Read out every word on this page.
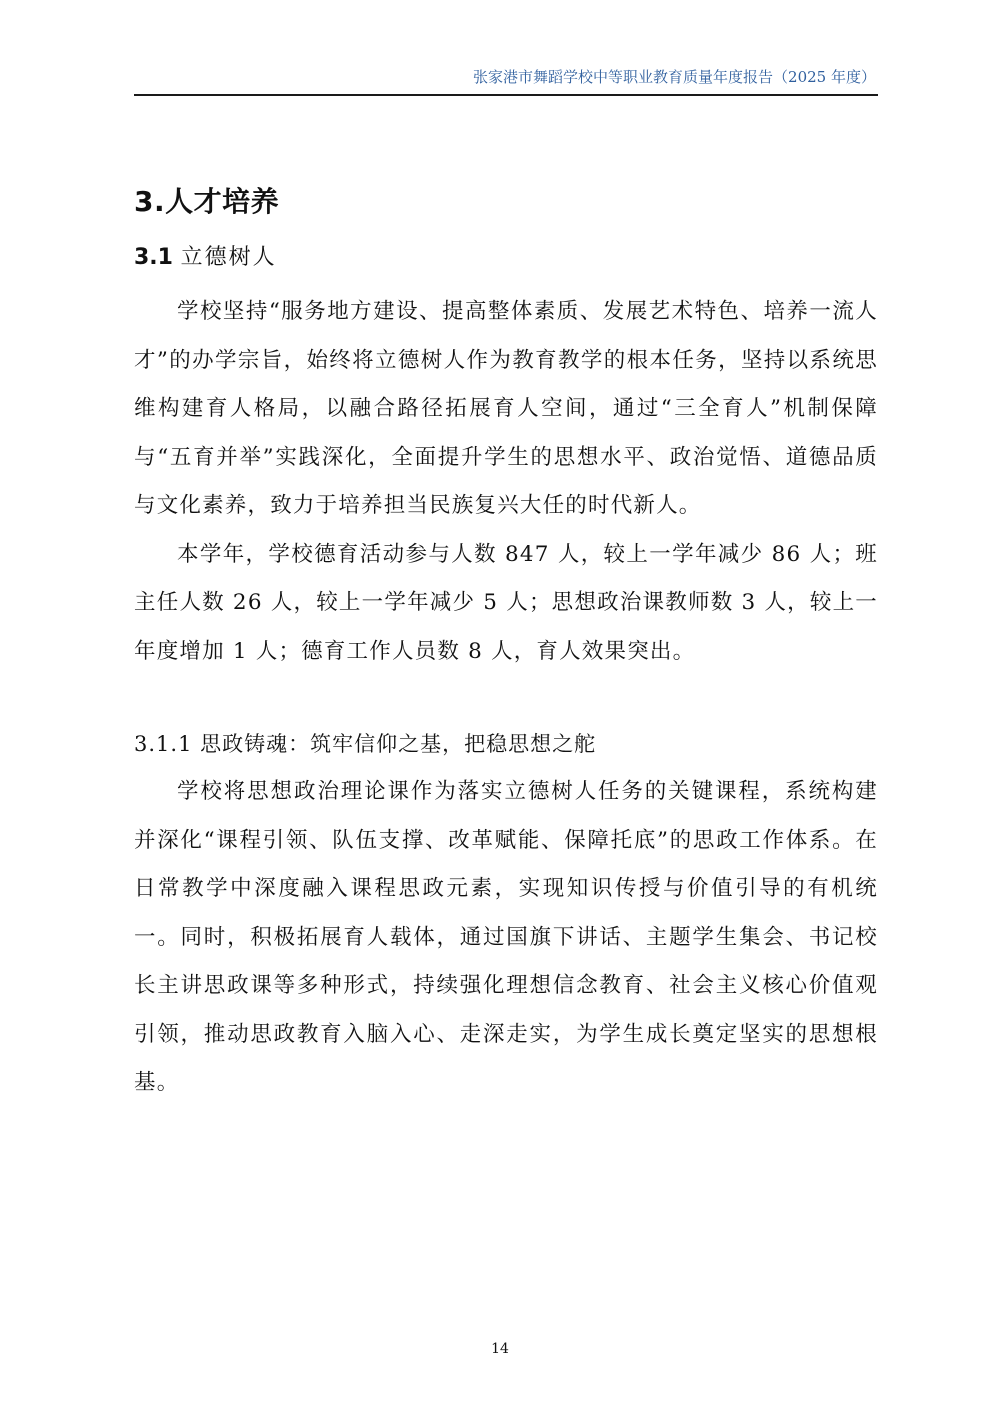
张家港市舞蹈学校中等职业教育质量年度报告（2025 年度）
3.人才培养
3.1 立德树人

学校坚持“服务地方建设、提高整体素质、发展艺术特色、培养一流人才”的办学宗旨，始终将立德树人作为教育教学的根本任务，坚持以系统思维构建育人格局，以融合路径拓展育人空间，通过“三全育人”机制保障与“五育并举”实践深化，全面提升学生的思想水平、政治觉悟、道德品质与文化素养，致力于培养担当民族复兴大任的时代新人。

本学年，学校德育活动参与人数 847 人，较上一学年减少 86 人；班主任人数 26 人，较上一学年减少 5 人；思想政治课教师数 3 人，较上一年度增加 1 人；德育工作人员数 8 人，育人效果突出。

3.1.1 思政铸魂：筑牢信仰之基，把稳思想之舵

学校将思想政治理论课作为落实立德树人任务的关键课程，系统构建并深化“课程引领、队伍支撑、改革赋能、保障托底”的思政工作体系。在日常教学中深度融入课程思政元素，实现知识传授与价值引导的有机统一。同时，积极拓展育人载体，通过国旗下讲话、主题学生集会、书记校长主讲思政课等多种形式，持续强化理想信念教育、社会主义核心价值观引领，推动思政教育入脑入心、走深走实，为学生成长奠定坚实的思想根基。

14
